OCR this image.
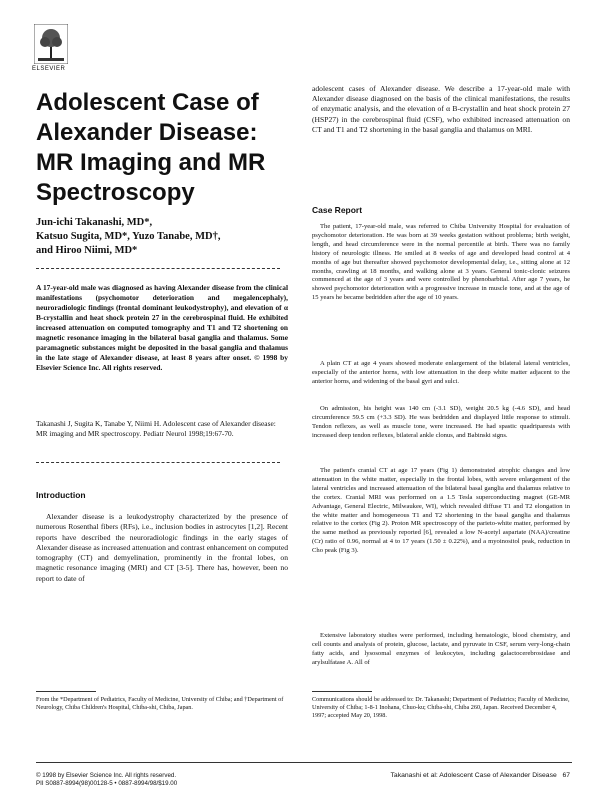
ELSEVIER
Adolescent Case of Alexander Disease: MR Imaging and MR Spectroscopy
Jun-ichi Takanashi, MD*,
Katsuo Sugita, MD*, Yuzo Tanabe, MD†,
and Hiroo Niimi, MD*

A 17-year-old male was diagnosed as having Alexander disease from the clinical manifestations (psychomotor deterioration and megalencephaly), neuroradiologic findings (frontal dominant leukodystrophy), and elevation of α B-crystallin and heat shock protein 27 in the cerebrospinal fluid. He exhibited increased attenuation on computed tomography and T1 and T2 shortening on magnetic resonance imaging in the bilateral basal ganglia and thalamus. Some paramagnetic substances might be deposited in the basal ganglia and thalamus in the late stage of Alexander disease, at least 8 years after onset. © 1998 by Elsevier Science Inc. All rights reserved.

Takanashi J, Sugita K, Tanabe Y, Niimi H. Adolescent case of Alexander disease: MR imaging and MR spectroscopy. Pediatr Neurol 1998;19:67-70.

Introduction

Alexander disease is a leukodystrophy characterized by the presence of numerous Rosenthal fibers (RFs), i.e., inclusion bodies in astrocytes [1,2]. Recent reports have described the neuroradiologic findings in the early stages of Alexander disease as increased attenuation and contrast enhancement on computed tomography (CT) and demyelination, prominently in the frontal lobes, on magnetic resonance imaging (MRI) and CT [3-5]. There has, however, been no report to date of

adolescent cases of Alexander disease. We describe a 17-year-old male with Alexander disease diagnosed on the basis of the clinical manifestations, the results of enzymatic analysis, and the elevation of α B-crystallin and heat shock protein 27 (HSP27) in the cerebrospinal fluid (CSF), who exhibited increased attenuation on CT and T1 and T2 shortening in the basal ganglia and thalamus on MRI.

Case Report

The patient, 17-year-old male, was referred to Chiba University Hospital for evaluation of psychomotor deterioration. He was born at 39 weeks gestation without problems; birth weight, length, and head circumference were in the normal percentile at birth. There was no family history of neurologic illness. He smiled at 8 weeks of age and developed head control at 4 months of age but thereafter showed psychomotor developmental delay, i.e., sitting alone at 12 months, crawling at 18 months, and walking alone at 3 years. General tonic-clonic seizures commenced at the age of 3 years and were controlled by phenobarbital. After age 7 years, he showed psychomotor deterioration with a progressive increase in muscle tone, and at the age of 15 years he became bedridden after the age of 10 years.

A plain CT at age 4 years showed moderate enlargement of the bilateral lateral ventricles, especially of the anterior horns, with low attenuation in the deep white matter adjacent to the anterior horns, and widening of the basal gyri and sulci.

On admission, his height was 140 cm (-3.1 SD), weight 20.5 kg (-4.6 SD), and head circumference 59.5 cm (+3.3 SD). He was bedridden and displayed little response to stimuli. Tendon reflexes, as well as muscle tone, were increased. He had spastic quadriparesis with increased deep tendon reflexes, bilateral ankle clonus, and Babinski signs.

The patient's cranial CT at age 17 years (Fig 1) demonstrated atrophic changes and low attenuation in the white matter, especially in the frontal lobes, with severe enlargement of the lateral ventricles and increased attenuation of the bilateral basal ganglia and thalamus relative to the cortex. Cranial MRI was performed on a 1.5 Tesla superconducting magnet (GE-MR Advantage, General Electric, Milwaukee, WI), which revealed diffuse T1 and T2 elongation in the white matter and homogeneous T1 and T2 shortening in the basal ganglia and thalamus relative to the cortex (Fig 2). Proton MR spectroscopy of the parieto-white matter, performed by the same method as previously reported [6], revealed a low N-acetyl aspartate (NAA)/creatine (Cr) ratio of 0.96, normal at 4 to 17 years (1.50 ± 0.22%), and a myoinositol peak, reduction in Cho peak (Fig 3).

Extensive laboratory studies were performed, including hematologic, blood chemistry, and cell counts and analysis of protein, glucose, lactate, and pyruvate in CSF, serum very-long-chain fatty acids, and lysosomal enzymes of leukocytes, including galactocerebrosidase and arylsulfatase A. All of

From the *Department of Pediatrics, Faculty of Medicine, University of Chiba; and †Department of Neurology, Chiba Children's Hospital, Chiba-shi, Chiba, Japan.

Communications should be addressed to: Dr. Takanashi; Department of Pediatrics; Faculty of Medicine, University of Chiba; 1-8-1 Inohana, Chuo-ku; Chiba-shi, Chiba 260, Japan. Received December 4, 1997; accepted May 20, 1998.

© 1998 by Elsevier Science Inc. All rights reserved.
PII S0887-8994(98)00128-5 • 0887-8994/98/$19.00
Takanashi et al: Adolescent Case of Alexander Disease 67
